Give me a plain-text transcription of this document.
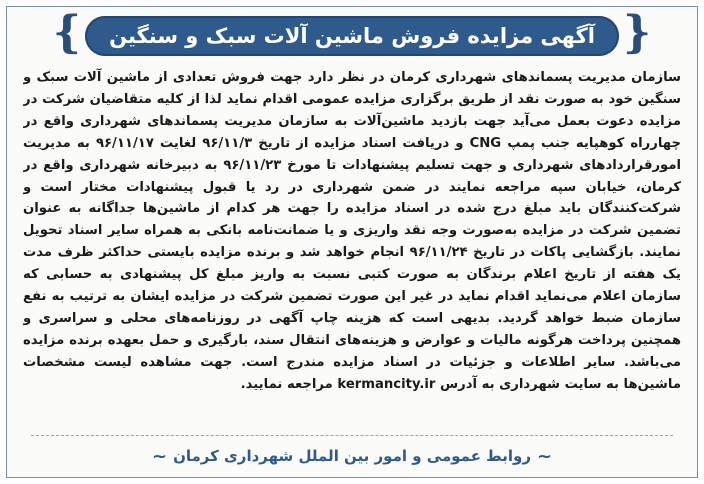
{	آگهی مزایده فروش ماشین آلات سبک و سنگین }

سازمان مدیریت پسماندهای شهرداری کرمان در نظر دارد جهت فروش تعدادی از ماشین آلات سبک و سنگین خود به صورت نقد از طریق برگزاری مزایده عمومی اقدام نماید لذا از کلیه متقاضیان شرکت در مزایده دعوت بعمل می‌آید جهت بازدید ماشین‌آلات به سازمان مدیریت پسماندهای شهرداری واقع در چهارراه کوهپایه جنب پمپ CNG و دریافت اسناد مزایده از تاریخ ۹۶/۱۱/۳ لغایت ۹۶/۱۱/۱۷ به مدیریت امورقراردادهای شهرداری و جهت تسلیم پیشنهادات تا مورخ ۹۶/۱۱/۲۳ به دبیرخانه شهرداری واقع در کرمان، خیابان سپه مراجعه نمایند در ضمن شهرداری در رد یا قبول پیشنهادات مختار است و شرکت‌کنندگان باید مبلغ درج شده در اسناد مزایده را جهت هر کدام از ماشین‌ها جداگانه به عنوان تضمین شرکت در مزایده به‌صورت وجه نقد واریزی و یا ضمانت‌نامه بانکی به همراه سایر اسناد تحویل نمایند. بازگشایی پاکات در تاریخ ۹۶/۱۱/۲۴ انجام خواهد شد و برنده مزایده بایستی حداکثر ظرف مدت یک هفته از تاریخ اعلام برندگان به صورت کتبی نسبت به واریز مبلغ کل پیشنهادی به حسابی که سازمان اعلام می‌نماید اقدام نماید در غیر این صورت تضمین شرکت در مزایده ایشان به ترتیب به نفع سازمان ضبط خواهد گردید. بدیهی است که هزینه چاپ آگهی در روزنامه‌های محلی و سراسری و همچنین پرداخت هرگونه مالیات و عوارض و هزینه‌های انتقال سند، بارگیری و حمل بعهده برنده مزایده می‌باشد. سایر اطلاعات و جزئیات در اسناد مزایده مندرج است. جهت مشاهده لیست مشخصات ماشین‌ها به سایت شهرداری به آدرس kermancity.ir مراجعه نمایید.

~
روابط عمومی و امور بین الملل شهرداری کرمان
~
